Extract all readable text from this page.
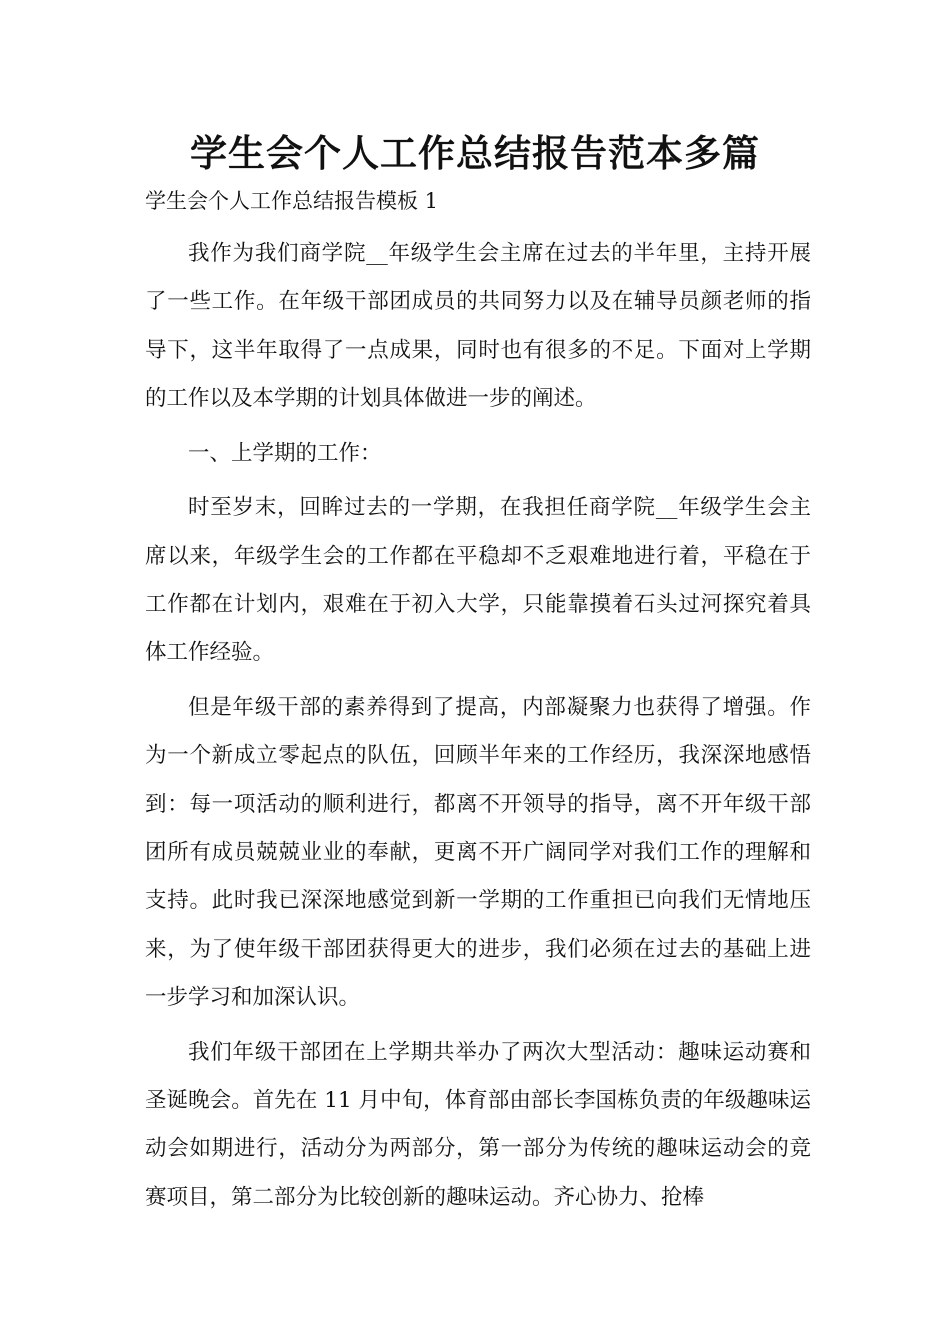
学生会个人工作总结报告范本多篇
学生会个人工作总结报告模板 1

我作为我们商学院__年级学生会主席在过去的半年里，主持开展了一些工作。在年级干部团成员的共同努力以及在辅导员颜老师的指导下，这半年取得了一点成果，同时也有很多的不足。下面对上学期的工作以及本学期的计划具体做进一步的阐述。

一、上学期的工作：

时至岁末，回眸过去的一学期，在我担任商学院__年级学生会主席以来，年级学生会的工作都在平稳却不乏艰难地进行着，平稳在于工作都在计划内，艰难在于初入大学，只能靠摸着石头过河探究着具体工作经验。

但是年级干部的素养得到了提高，内部凝聚力也获得了增强。作为一个新成立零起点的队伍，回顾半年来的工作经历，我深深地感悟到：每一项活动的顺利进行，都离不开领导的指导，离不开年级干部团所有成员兢兢业业的奉献，更离不开广阔同学对我们工作的理解和支持。此时我已深深地感觉到新一学期的工作重担已向我们无情地压来，为了使年级干部团获得更大的进步，我们必须在过去的基础上进一步学习和加深认识。

我们年级干部团在上学期共举办了两次大型活动：趣味运动赛和圣诞晚会。首先在 11 月中旬，体育部由部长李国栋负责的年级趣味运动会如期进行，活动分为两部分，第一部分为传统的趣味运动会的竞赛项目，第二部分为比较创新的趣味运动。齐心协力、抢棒
